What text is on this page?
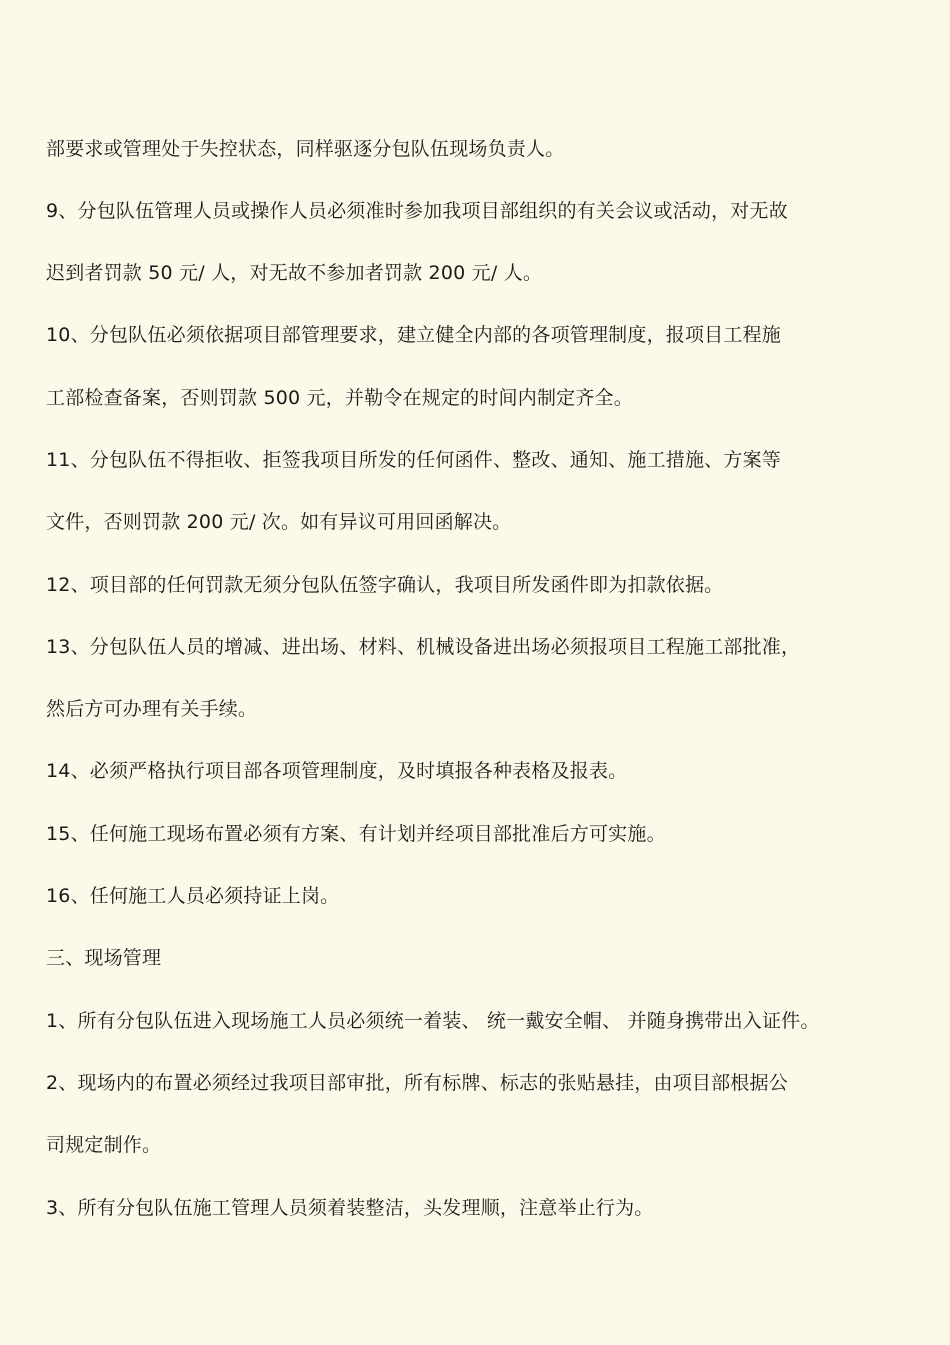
部要求或管理处于失控状态，同样驱逐分包队伍现场负责人。
9、分包队伍管理人员或操作人员必须准时参加我项目部组织的有关会议或活动，对无故
迟到者罚款 50 元/ 人，对无故不参加者罚款 200 元/ 人。
10、分包队伍必须依据项目部管理要求，建立健全内部的各项管理制度，报项目工程施
工部检查备案，否则罚款 500 元，并勒令在规定的时间内制定齐全。
11、分包队伍不得拒收、拒签我项目所发的任何函件、整改、通知、施工措施、方案等
文件，否则罚款 200 元/ 次。如有异议可用回函解决。
12、项目部的任何罚款无须分包队伍签字确认，我项目所发函件即为扣款依据。
13、分包队伍人员的增减、进出场、材料、机械设备进出场必须报项目工程施工部批准，
然后方可办理有关手续。
14、必须严格执行项目部各项管理制度，及时填报各种表格及报表。
15、任何施工现场布置必须有方案、有计划并经项目部批准后方可实施。
16、任何施工人员必须持证上岗。
三、现场管理
1、所有分包队伍进入现场施工人员必须统一着装、 统一戴安全帽、 并随身携带出入证件。
2、现场内的布置必须经过我项目部审批，所有标牌、标志的张贴悬挂，由项目部根据公
司规定制作。
3、所有分包队伍施工管理人员须着装整洁，头发理顺，注意举止行为。
